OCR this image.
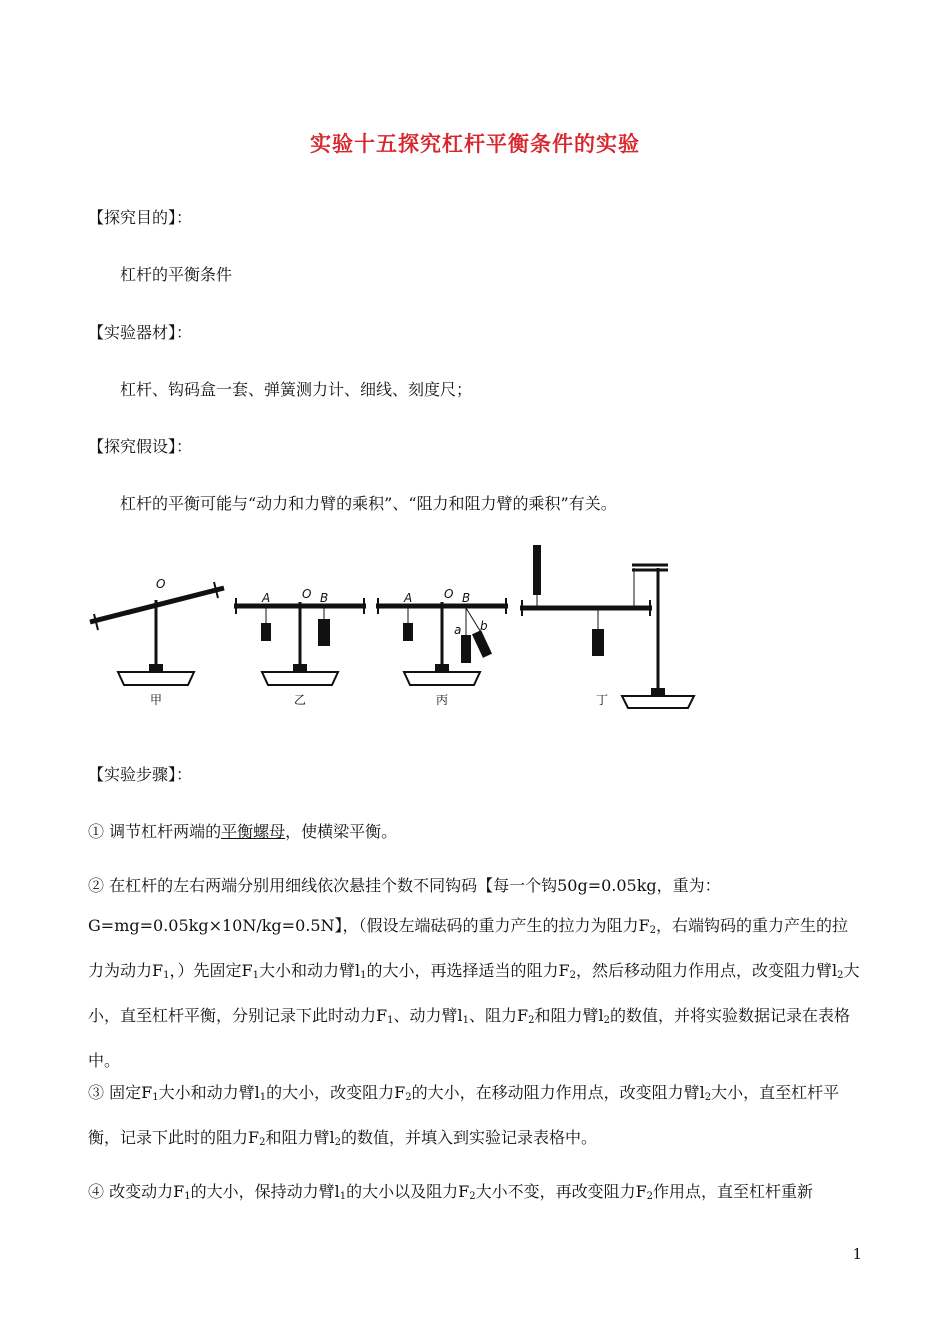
实验十五探究杠杆平衡条件的实验
【探究目的】：
杠杆的平衡条件
【实验器材】：
杠杆、钩码盒一套、弹簧测力计、细线、刻度尺；
【探究假设】：
杠杆的平衡可能与“动力和力臂的乘积”、“阻力和阻力臂的乘积”有关。
O
A	O B	A	O B
a b
甲	乙	丙	丁
【实验步骤】：
① 调节杠杆两端的平衡螺母，使横梁平衡。
② 在杠杆的左右两端分别用细线依次悬挂个数不同钩码【每一个钩50g=0.05kg，重为：G=mg=0.05kg×10N/kg=0.5N】，（假设左端砝码的重力产生的拉力为阻力$F_2$，右端钩码的重力产生的拉力为动力$F_1$，）先固定$F_1$大小和动力臂$l_1$的大小，再选择适当的阻力$F_2$，然后移动阻力作用点，改变阻力臂$l_2$大小，直至杠杆平衡，分别记录下此时动力$F_1$、动力臂$l_1$、阻力$F_2$和阻力臂$l_2$的数值，并将实验数据记录在表格中。
③ 固定$F_1$大小和动力臂$l_1$的大小，改变阻力$F_2$的大小，在移动阻力作用点，改变阻力臂$l_2$大小，直至杠杆平衡，记录下此时的阻力$F_2$和阻力臂$l_2$的数值，并填入到实验记录表格中。
④ 改变动力$F_1$的大小，保持动力臂$l_1$的大小以及阻力$F_2$大小不变，再改变阻力$F_2$作用点，直至杠杆重新
1
